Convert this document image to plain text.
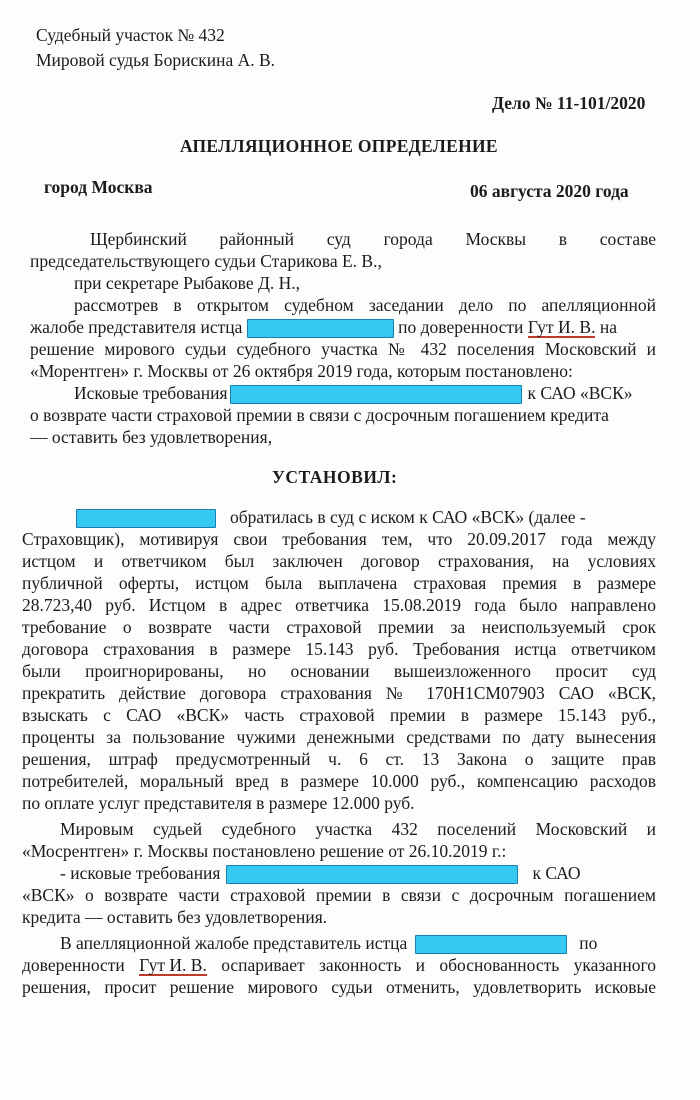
Судебный участок № 432
Мировой судья Борискина А. В.
Дело № 11-101/2020
АПЕЛЛЯЦИОННОЕ ОПРЕДЕЛЕНИЕ
город Москва	06 августа 2020 года
Щербинский районный суд города Москвы в составе
председательствующего судьи Старикова Е. В.,
при секретаре Рыбакове Д. Н.,
рассмотрев в открытом судебном заседании дело по апелляционной
жалобе представителя истца	по доверенности Гут И. В. на
решение мирового судьи судебного участка № 432 поселения Московский и
«Морентген» г. Москвы от 26 октября 2019 года, которым постановлено:
Исковые требования	к САО «ВСК»
о возврате части страховой премии в связи с досрочным погашением кредита
— оставить без удовлетворения,
УСТАНОВИЛ:
обратилась в суд с иском к САО «ВСК» (далее -
Страховщик), мотивируя свои требования тем, что 20.09.2017 года между
истцом и ответчиком был заключен договор страхования, на условиях
публичной оферты, истцом была выплачена страховая премия в размере
28.723,40 руб. Истцом в адрес ответчика 15.08.2019 года было направлено
требование о возврате части страховой премии за неиспользуемый срок
договора страхования в размере 15.143 руб. Требования истца ответчиком
были проигнорированы, но основании вышеизложенного просит суд
прекратить действие договора страхования № 170Н1СМ07903 САО «ВСК,
взыскать с САО «ВСК» часть страховой премии в размере 15.143 руб.,
проценты за пользование чужими денежными средствами по дату вынесения
решения, штраф предусмотренный ч. 6 ст. 13 Закона о защите прав
потребителей, моральный вред в размере 10.000 руб., компенсацию расходов
по оплате услуг представителя в размере 12.000 руб.
Мировым судьей судебного участка 432 поселений Московский и
«Мосрентген» г. Москвы постановлено решение от 26.10.2019 г.:
- исковые требования	к САО
«ВСК» о возврате части страховой премии в связи с досрочным погашением
кредита — оставить без удовлетворения.
В апелляционной жалобе представитель истца	по
доверенности Гут И. В. оспаривает законность и обоснованность указанного
решения, просит решение мирового судьи отменить, удовлетворить исковые
